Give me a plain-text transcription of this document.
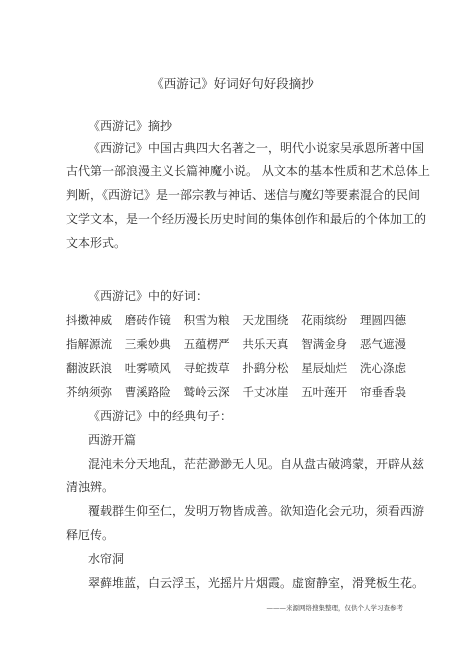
《西游记》好词好句好段摘抄
《西游记》摘抄
《西游记》中国古典四大名著之一，明代小说家吴承恩所著中国
古代第一部浪漫主义长篇神魔小说。 从文本的基本性质和艺术总体上
判断，《西游记》是一部宗教与神话、迷信与魔幻等要素混合的民间
文学文本，是一个经历漫长历史时间的集体创作和最后的个体加工的
文本形式。
《西游记》中的好词：
抖擞神威 磨砖作镜 积雪为粮 天龙围绕 花雨缤纷 理圆四德
指解源流 三乘妙典 五蕴楞严 共乐天真 智满金身 恶气遮漫
翻波跃浪 吐雾喷风 寻蛇拨草 扑鹞分松 星辰灿烂 洗心涤虑
芥纳须弥 曹溪路险 鹫岭云深 千丈冰崖 五叶莲开 帘垂香袅
《西游记》中的经典句子：
西游开篇
混沌未分天地乱，茫茫渺渺无人见。自从盘古破鸿蒙，开辟从兹
清浊辨。
覆载群生仰至仁，发明万物皆成善。欲知造化会元功，须看西游
释厄传。
水帘洞
翠藓堆蓝，白云浮玉，光摇片片烟霞。虚窗静室，滑凳板生花。
———来源网络搜集整理，仅供个人学习查参考
